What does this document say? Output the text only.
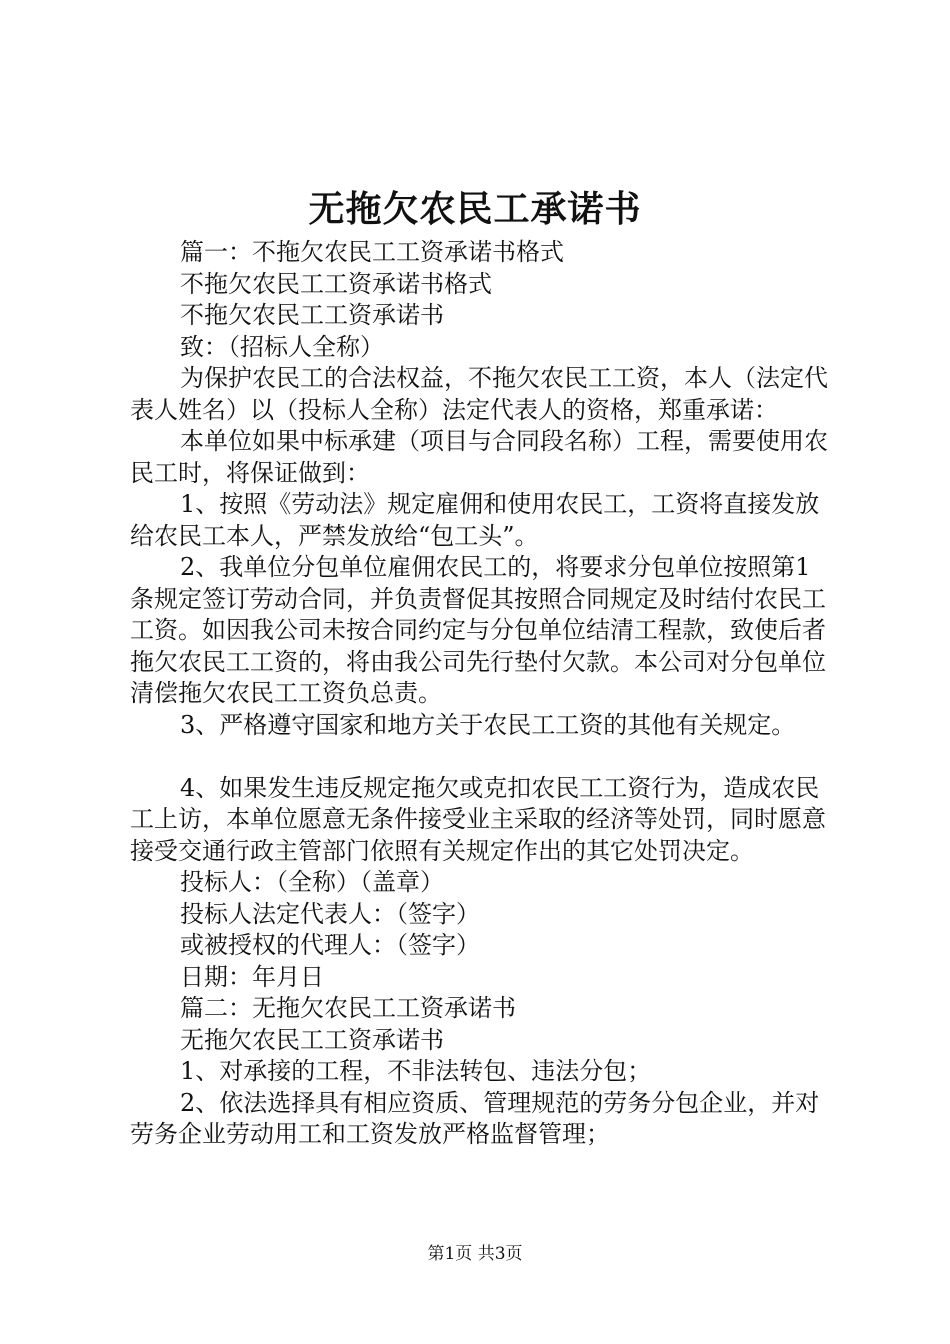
无拖欠农民工承诺书

篇一：不拖欠农民工工资承诺书格式

不拖欠农民工工资承诺书格式

不拖欠农民工工资承诺书

致：（招标人全称）

为保护农民工的合法权益，不拖欠农民工工资，本人（法定代表人姓名）以（投标人全称）法定代表人的资格，郑重承诺：

本单位如果中标承建（项目与合同段名称）工程，需要使用农民工时，将保证做到：

1、按照《劳动法》规定雇佣和使用农民工，工资将直接发放给农民工本人，严禁发放给“包工头”。

2、我单位分包单位雇佣农民工的，将要求分包单位按照第1条规定签订劳动合同，并负责督促其按照合同规定及时结付农民工工资。如因我公司未按合同约定与分包单位结清工程款，致使后者拖欠农民工工资的，将由我公司先行垫付欠款。本公司对分包单位清偿拖欠农民工工资负总责。

3、严格遵守国家和地方关于农民工工资的其他有关规定。

4、如果发生违反规定拖欠或克扣农民工工资行为，造成农民工上访，本单位愿意无条件接受业主采取的经济等处罚，同时愿意接受交通行政主管部门依照有关规定作出的其它处罚决定。

投标人：（全称）（盖章）

投标人法定代表人：（签字）

或被授权的代理人：（签字）

日期：年月日

篇二：无拖欠农民工工资承诺书

无拖欠农民工工资承诺书

1、对承接的工程，不非法转包、违法分包；

2、依法选择具有相应资质、管理规范的劳务分包企业，并对劳务企业劳动用工和工资发放严格监督管理；

第1页 共3页
